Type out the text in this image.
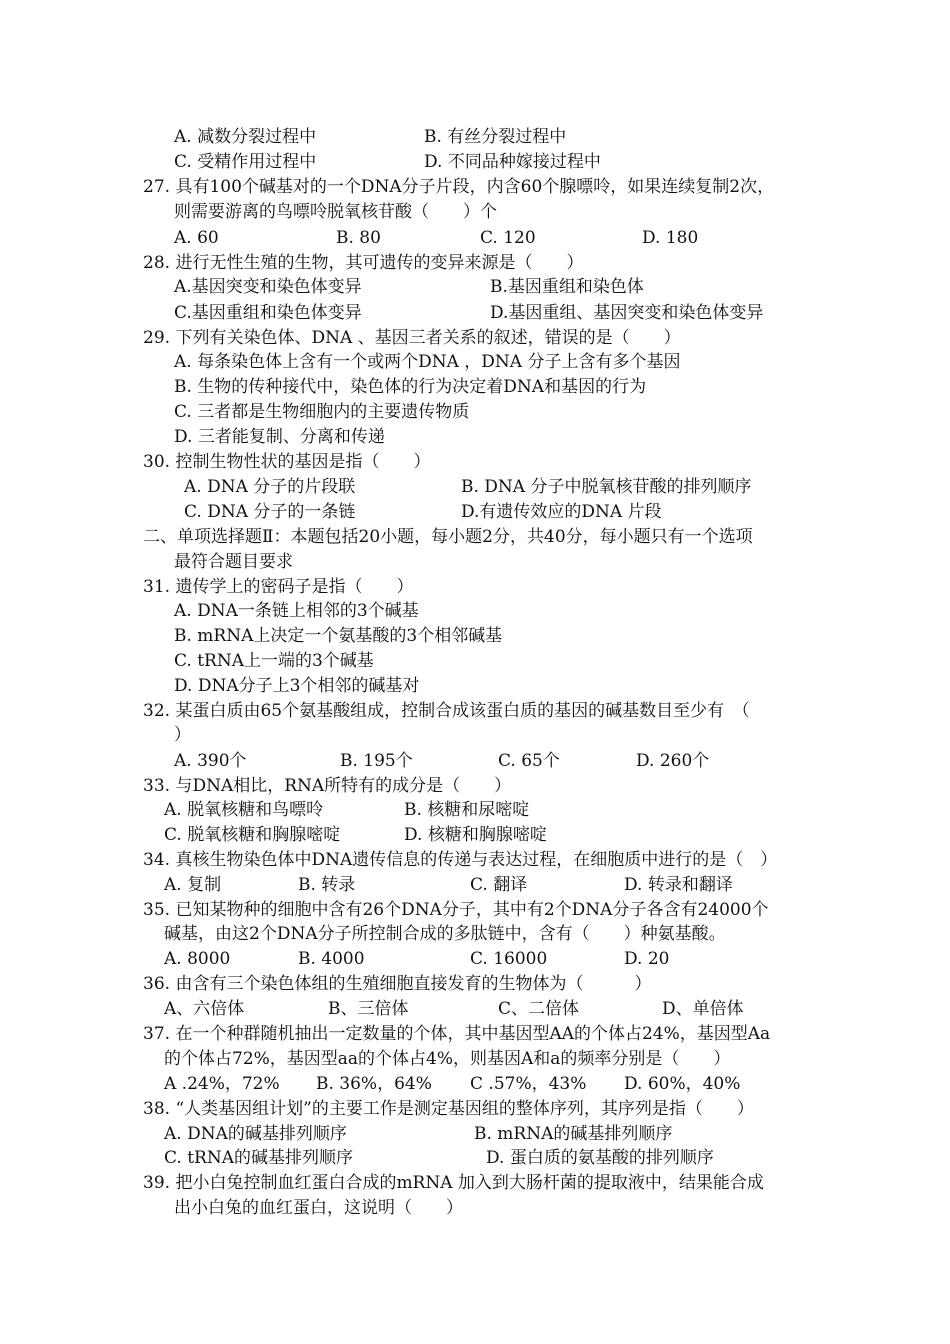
A. 减数分裂过程中	B. 有丝分裂过程中
C. 受精作用过程中	D. 不同品种嫁接过程中
27. 具有100个碱基对的一个DNA分子片段，内含60个腺嘌呤，如果连续复制2次，
则需要游离的鸟嘌呤脱氧核苷酸（　　）个
A. 60	B. 80	C. 120	D. 180
28. 进行无性生殖的生物，其可遗传的变异来源是（　　）
A.基因突变和染色体变异	B.基因重组和染色体
C.基因重组和染色体变异	D.基因重组、基因突变和染色体变异
29. 下列有关染色体、DNA 、基因三者关系的叙述，错误的是（　　）
A. 每条染色体上含有一个或两个DNA ，DNA 分子上含有多个基因
B. 生物的传种接代中，染色体的行为决定着DNA和基因的行为
C. 三者都是生物细胞内的主要遗传物质
D. 三者能复制、分离和传递
30. 控制生物性状的基因是指（　　）
A. DNA 分子的片段联	B. DNA 分子中脱氧核苷酸的排列顺序
C. DNA 分子的一条链	D.有遗传效应的DNA 片段
二、单项选择题Ⅱ：本题包括20小题，每小题2分，共40分，每小题只有一个选项
最符合题目要求
31. 遗传学上的密码子是指（　　）
A. DNA一条链上相邻的3个碱基
B. mRNA上决定一个氨基酸的3个相邻碱基
C. tRNA上一端的3个碱基
D. DNA分子上3个相邻的碱基对
32. 某蛋白质由65个氨基酸组成，控制合成该蛋白质的基因的碱基数目至少有　（
）
A. 390个	B. 195个	C. 65个	D. 260个
33. 与DNA相比，RNA所特有的成分是（　　）
A. 脱氧核糖和鸟嘌呤	B. 核糖和尿嘧啶
C. 脱氧核糖和胸腺嘧啶	D. 核糖和胸腺嘧啶
34. 真核生物染色体中DNA遗传信息的传递与表达过程，在细胞质中进行的是（　）
A. 复制	B. 转录	C. 翻译	D. 转录和翻译
35. 已知某物种的细胞中含有26个DNA分子，其中有2个DNA分子各含有24000个
碱基，由这2个DNA分子所控制合成的多肽链中，含有（　　）种氨基酸。
A. 8000	B. 4000	C. 16000	D. 20
36. 由含有三个染色体组的生殖细胞直接发育的生物体为（　　　）
A、六倍体	B、三倍体	C、二倍体	D、单倍体
37. 在一个种群随机抽出一定数量的个体，其中基因型AA的个体占24%，基因型Aa
的个体占72%，基因型aa的个体占4%，则基因A和a的频率分别是（　　）
A .24%，72% B. 36%，64% C .57%，43% D. 60%，40%
38. “人类基因组计划”的主要工作是测定基因组的整体序列，其序列是指（　　）
A. DNA的碱基排列顺序	B. mRNA的碱基排列顺序
C. tRNA的碱基排列顺序	D. 蛋白质的氨基酸的排列顺序
39. 把小白兔控制血红蛋白合成的mRNA 加入到大肠杆菌的提取液中，结果能合成
出小白兔的血红蛋白，这说明（　　）
